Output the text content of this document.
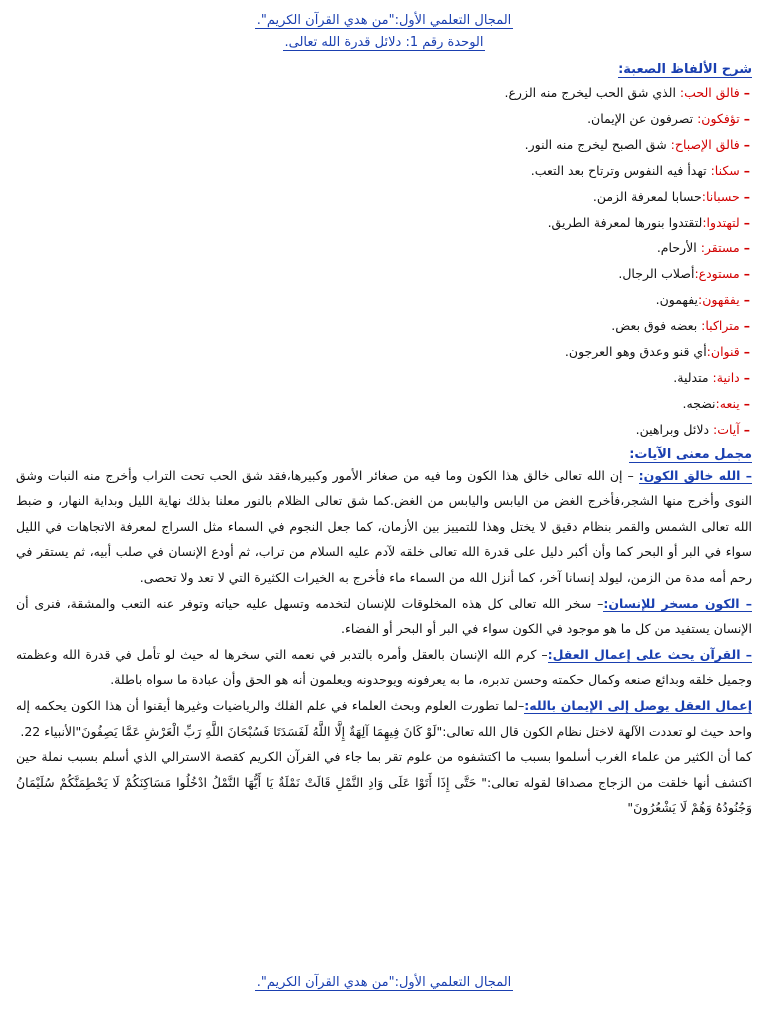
المجال التعلمي الأول:"من هدي القرآن الكريم".
الوحدة رقم 1: دلائل قدرة الله تعالى.
شرح الألفاظ الصعبة:
–فالق الحب: الذي شق الحب ليخرج منه الزرع.
–تؤفكون: تصرفون عن الإيمان.
–فالق الإصباح: شق الصبح ليخرج منه النور.
–سكنا: تهدأ فيه النفوس وترتاح بعد التعب.
–حسبانا:حسابا لمعرفة الزمن.
–لتهتدوا:لتقتدوا بنورها لمعرفة الطريق.
–مستقر: الأرحام.
–مستودع:أصلاب الرجال.
–يفقهون:يفهمون.
–متراكبا: بعضه فوق بعض.
–قنوان:أي قنو وعدق وهو العرجون.
–دانية: متدلية.
–ينعه:نضجه.
–آيات: دلائل وبراهين.
مجمل معنى الآيات:

– الله خالق الكون: – إن الله تعالى خالق هذا الكون وما فيه من صغائر الأمور وكبيرها،فقد شق الحب تحت التراب وأخرج منه النبات وشق النوى وأخرج منها الشجر،فأخرج الغض من اليابس واليابس من الغض.كما شق تعالى الظلام بالنور معلنا بذلك نهاية الليل وبداية النهار، و ضبط الله تعالى الشمس والقمر بنظام دقيق لا يختل وهذا للتمييز بين الأزمان، كما جعل النجوم في السماء مثل السراج لمعرفة الاتجاهات في الليل سواء في البر أو البحر كما وأن أكبر دليل على قدرة الله تعالى خلقه لآدم عليه السلام من تراب، ثم أودع الإنسان في صلب أبيه، ثم يستقر في رحم أمه مدة من الزمن، ليولد إنسانا آخر، كما أنزل الله من السماء ماء فأخرج به الخيرات الكثيرة التي لا تعد ولا تحصى.

– الكون مسخر للإنسان:– سخر الله تعالى كل هذه المخلوقات للإنسان لتخدمه وتسهل عليه حياته وتوفر عنه التعب والمشقة، فنرى أن الإنسان يستفيد من كل ما هو موجود في الكون سواء في البر أو البحر أو الفضاء.

– القرآن يحث على إعمال العقل:– كرم الله الإنسان بالعقل وأمره بالتدبر في نعمه التي سخرها له حيث لو تأمل في قدرة الله وعظمته وجميل خلقه وبدائع صنعه وكمال حكمته وحسن تدبره، ما به يعرفونه ويوحدونه ويعلمون أنه هو الحق وأن عبادة ما سواه باطلة.

إعمال العقل يوصل إلى الإيمان بالله:–لما تطورت العلوم وبحث العلماء في علم الفلك والرياضيات وغيرها أيقنوا أن هذا الكون يحكمه إله واحد حيث لو تعددت الآلهة لاختل نظام الكون قال الله تعالى:"لَوْ كَانَ فِيهِمَا آلِهَةٌ إِلَّا اللَّهُ لَفَسَدَتَا فَسُبْحَانَ اللَّهِ رَبِّ الْعَرْشِ عَمَّا يَصِفُونَ"الأنبياء 22.

كما أن الكثير من علماء الغرب أسلموا بسبب ما اكتشفوه من علوم تقر بما جاء في القرآن الكريم كقصة الاسترالي الذي أسلم بسبب نملة حين اكتشف أنها خلقت من الزجاج مصداقا لقوله تعالى:" حَتَّى إِذَا أَتَوْا عَلَى وَادِ النَّمْلِ قَالَتْ نَمْلَةٌ يَا أَيُّهَا النَّمْلُ ادْخُلُوا مَسَاكِنَكُمْ لَا يَحْطِمَنَّكُمْ سُلَيْمَانُ وَجُنُودُهُ وَهُمْ لَا يَشْعُرُونَ"

المجال التعلمي الأول:"من هدي القرآن الكريم".
